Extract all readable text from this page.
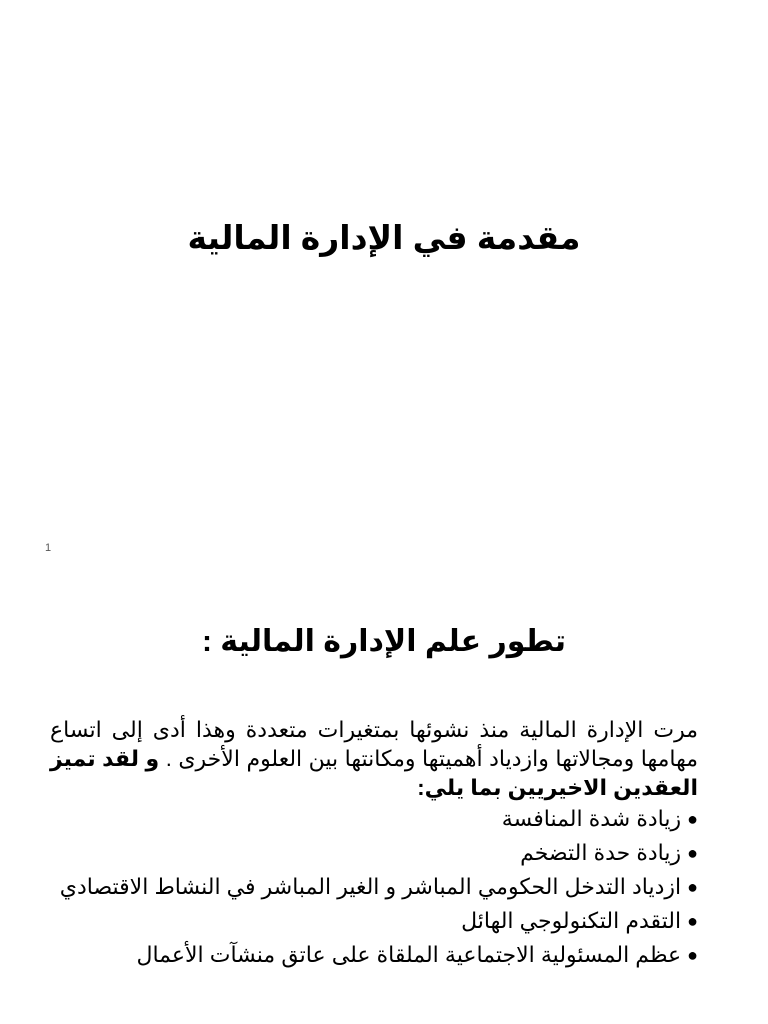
مقدمة في الإدارة المالية

1

تطور علم الإدارة المالية :

مرت الإدارة المالية منذ نشوئها بمتغيرات متعددة وهذا أدى إلى اتساع مهامها ومجالاتها وازدياد أهميتها ومكانتها بين العلوم الأخرى . و لقد تميز العقدين الاخيريين بما يلي:

●زيادة شدة المنافسة
●زيادة حدة التضخم
●ازدياد التدخل الحكومي المباشر و الغير المباشر في النشاط الاقتصادي
●التقدم التكنولوجي الهائل
●عظم المسئولية الاجتماعية الملقاة على عاتق منشآت الأعمال
